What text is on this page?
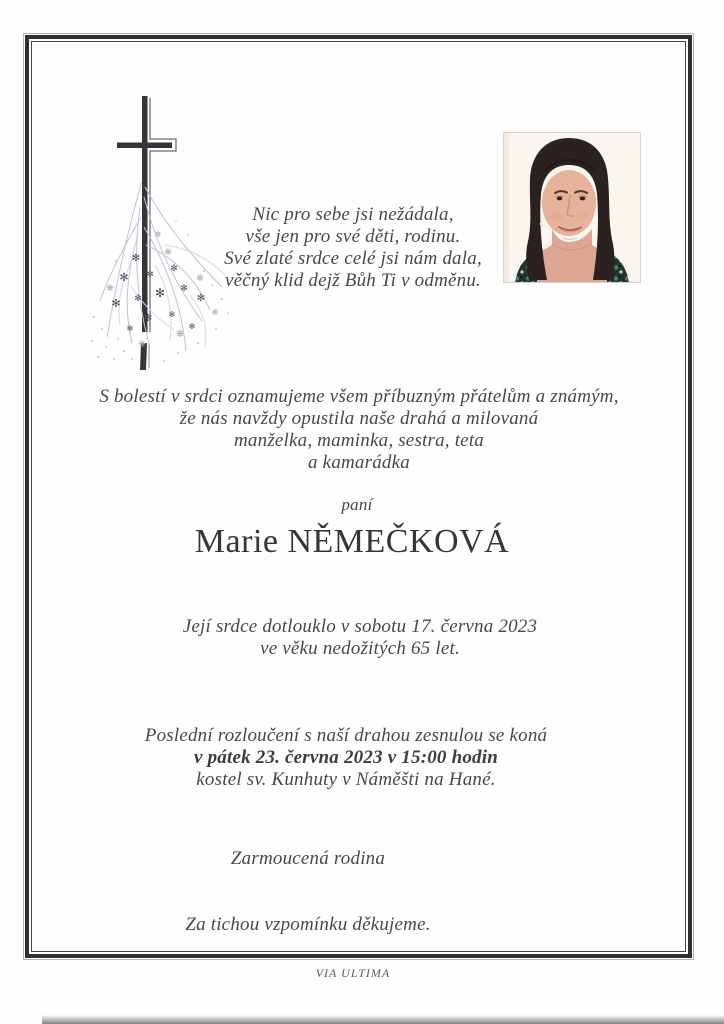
✻
✻ ✻
✻
✻ ✻ ✻ ✻
✻
✻ ✻
✻	✻
❋
❋
❋
❋
❋
❋
❋
Nic pro sebe jsi nežádala,
vše jen pro své děti, rodinu.
Své zlaté srdce celé jsi nám dala,
věčný klid dejž Bůh Ti v odměnu.
S bolestí v srdci oznamujeme všem příbuzným přátelům a známým,
že nás navždy opustila naše drahá a milovaná
manželka, maminka, sestra, teta
a kamarádka
paní
Marie NĚMEČKOVÁ
Její srdce dotlouklo v sobotu 17. června 2023
ve věku nedožitých 65 let.
Poslední rozloučení s naší drahou zesnulou se koná
v pátek 23. června 2023 v 15:00 hodin
kostel sv. Kunhuty v Náměšti na Hané.
Zarmoucená rodina
Za tichou vzpomínku děkujeme.
VIA ULTIMA
